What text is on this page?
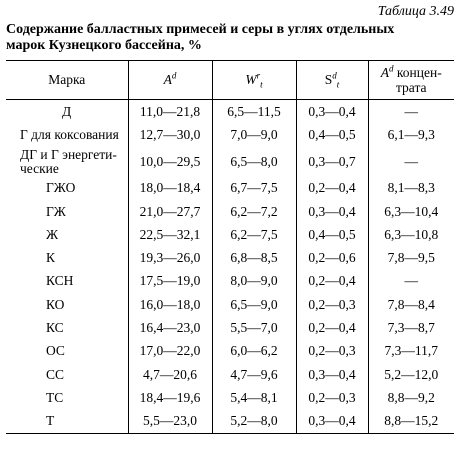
Таблица 3.49
Содержание балластных примесей и серы в углях отдельных марок Кузнецкого бассейна, %
Марка	$A^d$	$W^r_t$	$S^d_t$	$A^d$ концен-
трата
Д	11,0—21,8	6,5—11,5	0,3—0,4	—
Г для коксования	12,7—30,0	7,0—9,0	0,4—0,5	6,1—9,3
ДГ и Г энергети-
ческие	10,0—29,5	6,5—8,0	0,3—0,7	—
ГЖО	18,0—18,4	6,7—7,5	0,2—0,4	8,1—8,3
ГЖ	21,0—27,7	6,2—7,2	0,3—0,4	6,3—10,4
Ж	22,5—32,1	6,2—7,5	0,4—0,5	6,3—10,8
К	19,3—26,0	6,8—8,5	0,2—0,6	7,8—9,5
КСН	17,5—19,0	8,0—9,0	0,2—0,4	—
КО	16,0—18,0	6,5—9,0	0,2—0,3	7,8—8,4
КС	16,4—23,0	5,5—7,0	0,2—0,4	7,3—8,7
ОС	17,0—22,0	6,0—6,2	0,2—0,3	7,3—11,7
СС	4,7—20,6	4,7—9,6	0,3—0,4	5,2—12,0
ТС	18,4—19,6	5,4—8,1	0,2—0,3	8,8—9,2
Т	5,5—23,0	5,2—8,0	0,3—0,4	8,8—15,2
